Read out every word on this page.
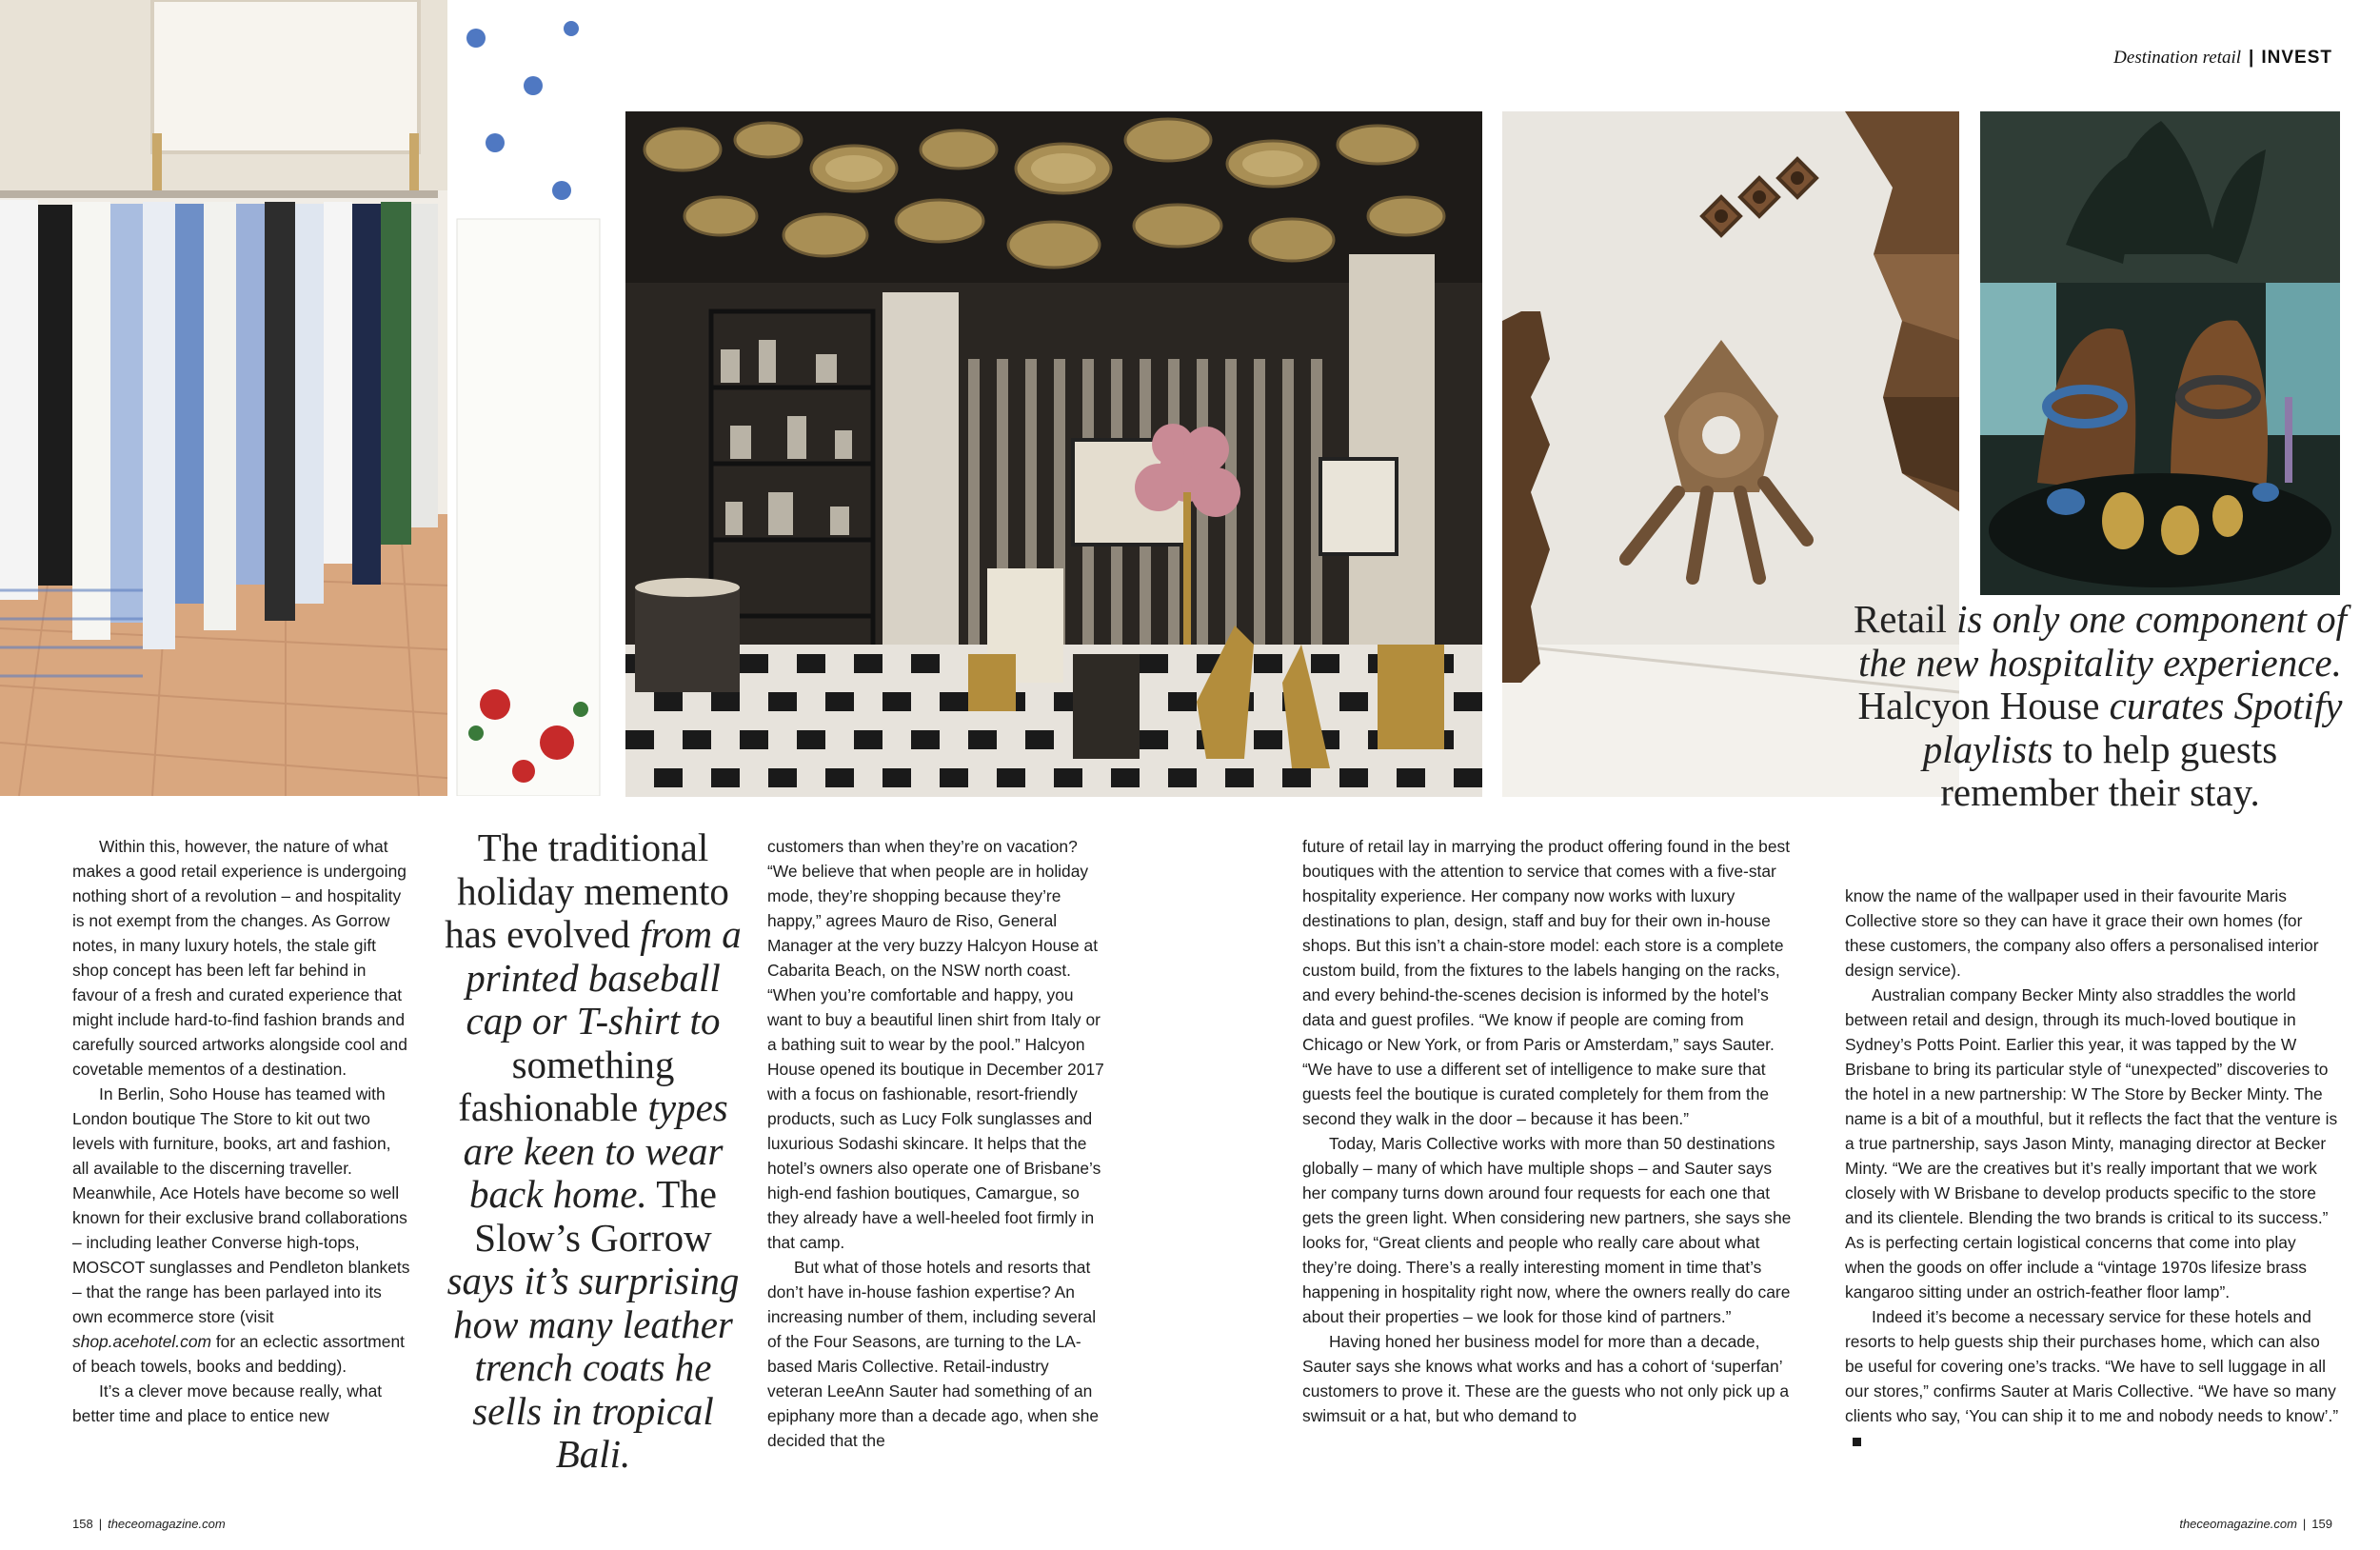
Destination retail | INVEST

Within this, however, the nature of what makes a good retail experience is undergoing nothing short of a revolution – and hospitality is not exempt from the changes. As Gorrow notes, in many luxury hotels, the stale gift shop concept has been left far behind in favour of a fresh and curated experience that might include hard-to-find fashion brands and carefully sourced artworks alongside cool and covetable mementos of a destination.

In Berlin, Soho House has teamed with London boutique The Store to kit out two levels with furniture, books, art and fashion, all available to the discerning traveller. Meanwhile, Ace Hotels have become so well known for their exclusive brand collaborations – including leather Converse high-tops, MOSCOT sunglasses and Pendleton blankets – that the range has been parlayed into its own ecommerce store (visit shop.acehotel.com for an eclectic assortment of beach towels, books and bedding).

It’s a clever move because really, what better time and place to entice new

The traditional holiday memento has evolved from a printed baseball cap or T-shirt to something fashionable types are keen to wear back home. The Slow’s Gorrow says it’s surprising how many leather trench coats he sells in tropical Bali.

customers than when they’re on vacation? “We believe that when people are in holiday mode, they’re shopping because they’re happy,” agrees Mauro de Riso, General Manager at the very buzzy Halcyon House at Cabarita Beach, on the NSW north coast. “When you’re comfortable and happy, you want to buy a beautiful linen shirt from Italy or a bathing suit to wear by the pool.” Halcyon House opened its boutique in December 2017 with a focus on fashionable, resort-friendly products, such as Lucy Folk sunglasses and luxurious Sodashi skincare. It helps that the hotel’s owners also operate one of Brisbane’s high-end fashion boutiques, Camargue, so they already have a well-heeled foot firmly in that camp.

But what of those hotels and resorts that don’t have in-house fashion expertise? An increasing number of them, including several of the Four Seasons, are turning to the LA-based Maris Collective. Retail-industry veteran LeeAnn Sauter had something of an epiphany more than a decade ago, when she decided that the

future of retail lay in marrying the product offering found in the best boutiques with the attention to service that comes with a five-star hospitality experience. Her company now works with luxury destinations to plan, design, staff and buy for their own in-house shops. But this isn’t a chain-store model: each store is a complete custom build, from the fixtures to the labels hanging on the racks, and every behind-the-scenes decision is informed by the hotel’s data and guest profiles. “We know if people are coming from Chicago or New York, or from Paris or Amsterdam,” says Sauter. “We have to use a different set of intelligence to make sure that guests feel the boutique is curated completely for them from the second they walk in the door – because it has been.”

Today, Maris Collective works with more than 50 destinations globally – many of which have multiple shops – and Sauter says her company turns down around four requests for each one that gets the green light. When considering new partners, she says she looks for, “Great clients and people who really care about what they’re doing. There’s a really interesting moment in time that’s happening in hospitality right now, where the owners really do care about their properties – we look for those kind of partners.”

Having honed her business model for more than a decade, Sauter says she knows what works and has a cohort of ‘superfan’ customers to prove it. These are the guests who not only pick up a swimsuit or a hat, but who demand to

Retail is only one component of the new hospitality experience. Halcyon House curates Spotify playlists to help guests remember their stay.

know the name of the wallpaper used in their favourite Maris Collective store so they can have it grace their own homes (for these customers, the company also offers a personalised interior design service).

Australian company Becker Minty also straddles the world between retail and design, through its much-loved boutique in Sydney’s Potts Point. Earlier this year, it was tapped by the W Brisbane to bring its particular style of “unexpected” discoveries to the hotel in a new partnership: W The Store by Becker Minty. The name is a bit of a mouthful, but it reflects the fact that the venture is a true partnership, says Jason Minty, managing director at Becker Minty. “We are the creatives but it’s really important that we work closely with W Brisbane to develop products specific to the store and its clientele. Blending the two brands is critical to its success.” As is perfecting certain logistical concerns that come into play when the goods on offer include a “vintage 1970s lifesize brass kangaroo sitting under an ostrich-feather floor lamp”.

Indeed it’s become a necessary service for these hotels and resorts to help guests ship their purchases home, which can also be useful for covering one’s tracks. “We have to sell luggage in all our stores,” confirms Sauter at Maris Collective. “We have so many clients who say, ‘You can ship it to me and nobody needs to know’.”

158 | theceomagazine.com	theceomagazine.com | 159
